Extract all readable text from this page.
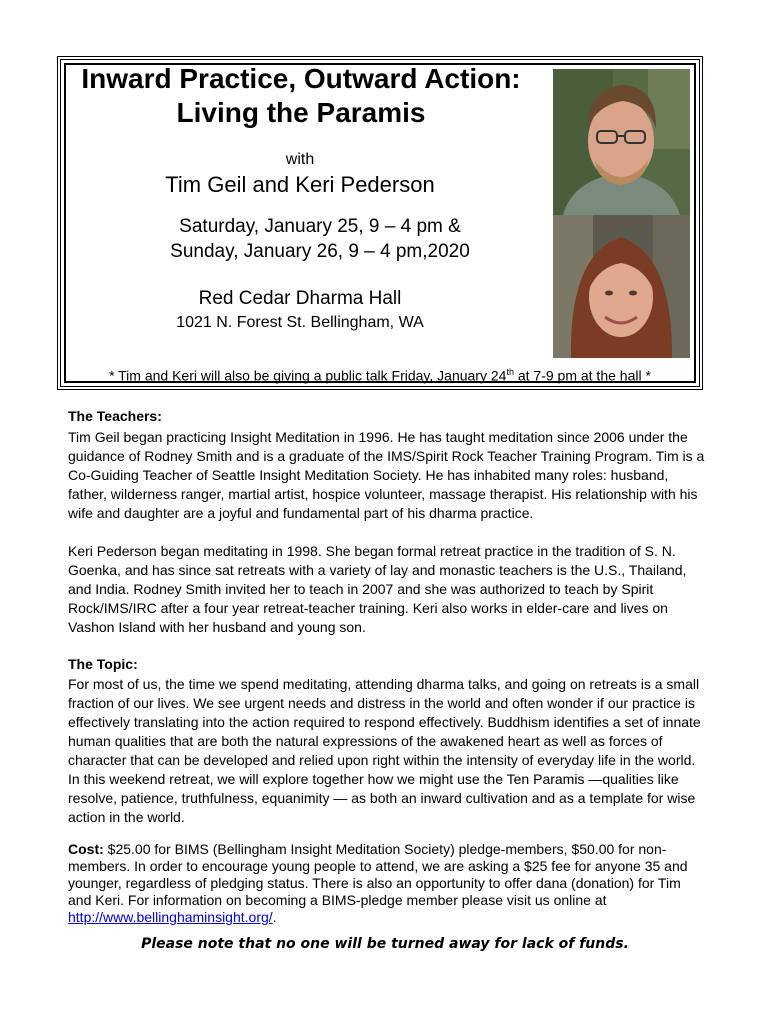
Inward Practice, Outward Action:
Living the Paramis
with
Tim Geil and Keri Pederson
Saturday, January 25, 9 – 4 pm &
Sunday, January 26, 9 – 4 pm,2020
Red Cedar Dharma Hall
1021 N. Forest St. Bellingham, WA
* Tim and Keri will also be giving a public talk Friday, January 24th at 7-9 pm at the hall *
The Teachers:
Tim Geil began practicing Insight Meditation in 1996. He has taught meditation since 2006 under the guidance of Rodney Smith and is a graduate of the IMS/Spirit Rock Teacher Training Program. Tim is a Co-Guiding Teacher of Seattle Insight Meditation Society. He has inhabited many roles: husband, father, wilderness ranger, martial artist, hospice volunteer, massage therapist. His relationship with his wife and daughter are a joyful and fundamental part of his dharma practice.
Keri Pederson began meditating in 1998. She began formal retreat practice in the tradition of S. N. Goenka, and has since sat retreats with a variety of lay and monastic teachers is the U.S., Thailand, and India. Rodney Smith invited her to teach in 2007 and she was authorized to teach by Spirit Rock/IMS/IRC after a four year retreat-teacher training. Keri also works in elder-care and lives on Vashon Island with her husband and young son.
The Topic:
For most of us, the time we spend meditating, attending dharma talks, and going on retreats is a small fraction of our lives. We see urgent needs and distress in the world and often wonder if our practice is effectively translating into the action required to respond effectively. Buddhism identifies a set of innate human qualities that are both the natural expressions of the awakened heart as well as forces of character that can be developed and relied upon right within the intensity of everyday life in the world. In this weekend retreat, we will explore together how we might use the Ten Paramis —qualities like resolve, patience, truthfulness, equanimity — as both an inward cultivation and as a template for wise action in the world.
Cost: $25.00 for BIMS (Bellingham Insight Meditation Society) pledge-members, $50.00 for non-members. In order to encourage young people to attend, we are asking a $25 fee for anyone 35 and younger, regardless of pledging status. There is also an opportunity to offer dana (donation) for Tim and Keri. For information on becoming a BIMS-pledge member please visit us online at http://www.bellinghaminsight.org/.
Please note that no one will be turned away for lack of funds.
